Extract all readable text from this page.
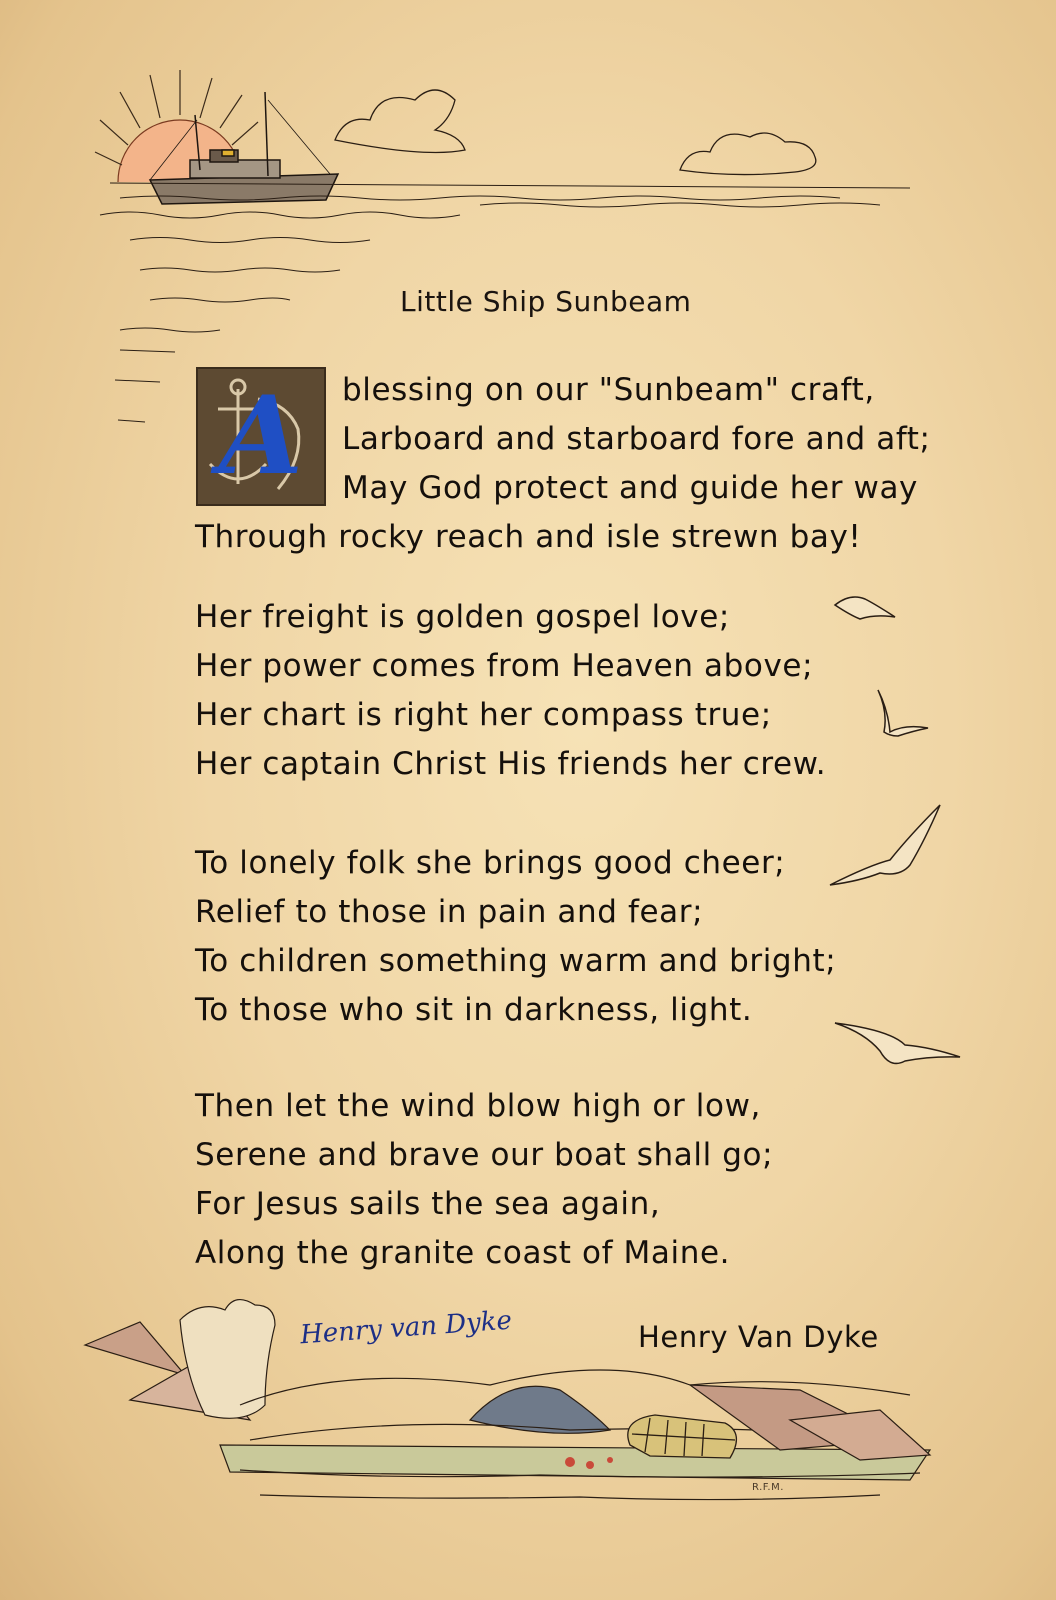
Little Ship Sunbeam
A	blessing on our "Sunbeam" craft,
Larboard and starboard fore and aft;
May God protect and guide her way
Through rocky reach and isle strewn bay!
Her freight is golden gospel love;
Her power comes from Heaven above;
Her chart is right her compass true;
Her captain Christ His friends her crew.
To lonely folk she brings good cheer;
Relief to those in pain and fear;
To children something warm and bright;
To those who sit in darkness, light.
Then let the wind blow high or low,
Serene and brave our boat shall go;
For Jesus sails the sea again,
Along the granite coast of Maine.
Henry van Dyke	Henry Van Dyke
R.F.M.
